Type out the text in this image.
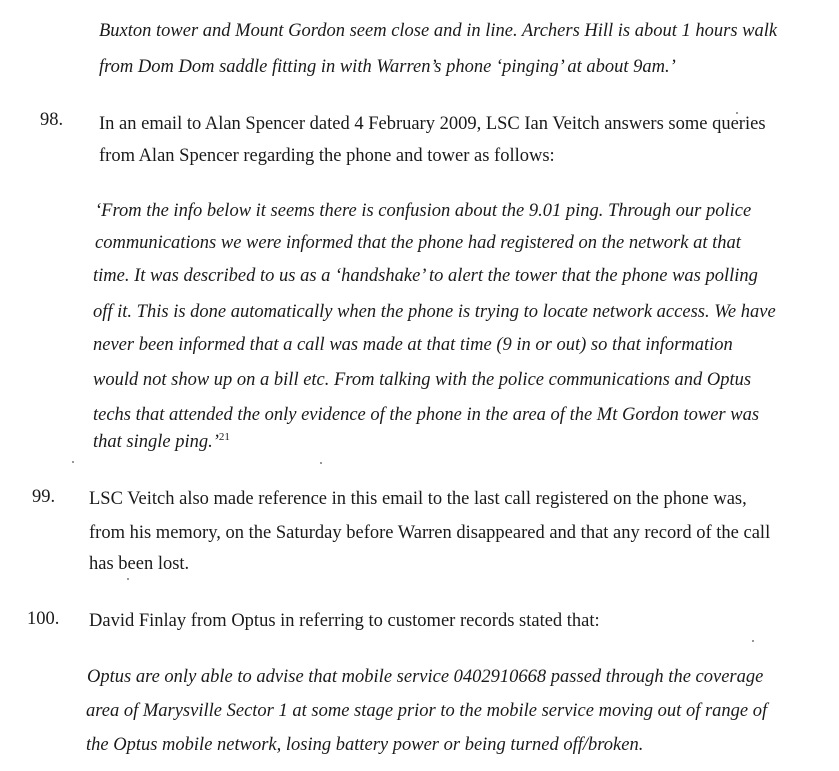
Buxton tower and Mount Gordon seem close and in line. Archers Hill is about 1 hours walk
from Dom Dom saddle fitting in with Warren’s phone ‘pinging’ at about 9am.’
98. In an email to Alan Spencer dated 4 February 2009, LSC Ian Veitch answers some queries
from Alan Spencer regarding the phone and tower as follows:
‘From the info below it seems there is confusion about the 9.01 ping. Through our police
communications we were informed that the phone had registered on the network at that
time. It was described to us as a ‘handshake’ to alert the tower that the phone was polling
off it. This is done automatically when the phone is trying to locate network access. We have
never been informed that a call was made at that time (9 in or out) so that information
would not show up on a bill etc. From talking with the police communications and Optus
techs that attended the only evidence of the phone in the area of the Mt Gordon tower was
that single ping.’$^{21}$
99. LSC Veitch also made reference in this email to the last call registered on the phone was,
from his memory, on the Saturday before Warren disappeared and that any record of the call
has been lost.
100. David Finlay from Optus in referring to customer records stated that:
Optus are only able to advise that mobile service 0402910668 passed through the coverage
area of Marysville Sector 1 at some stage prior to the mobile service moving out of range of
the Optus mobile network, losing battery power or being turned off/broken.
